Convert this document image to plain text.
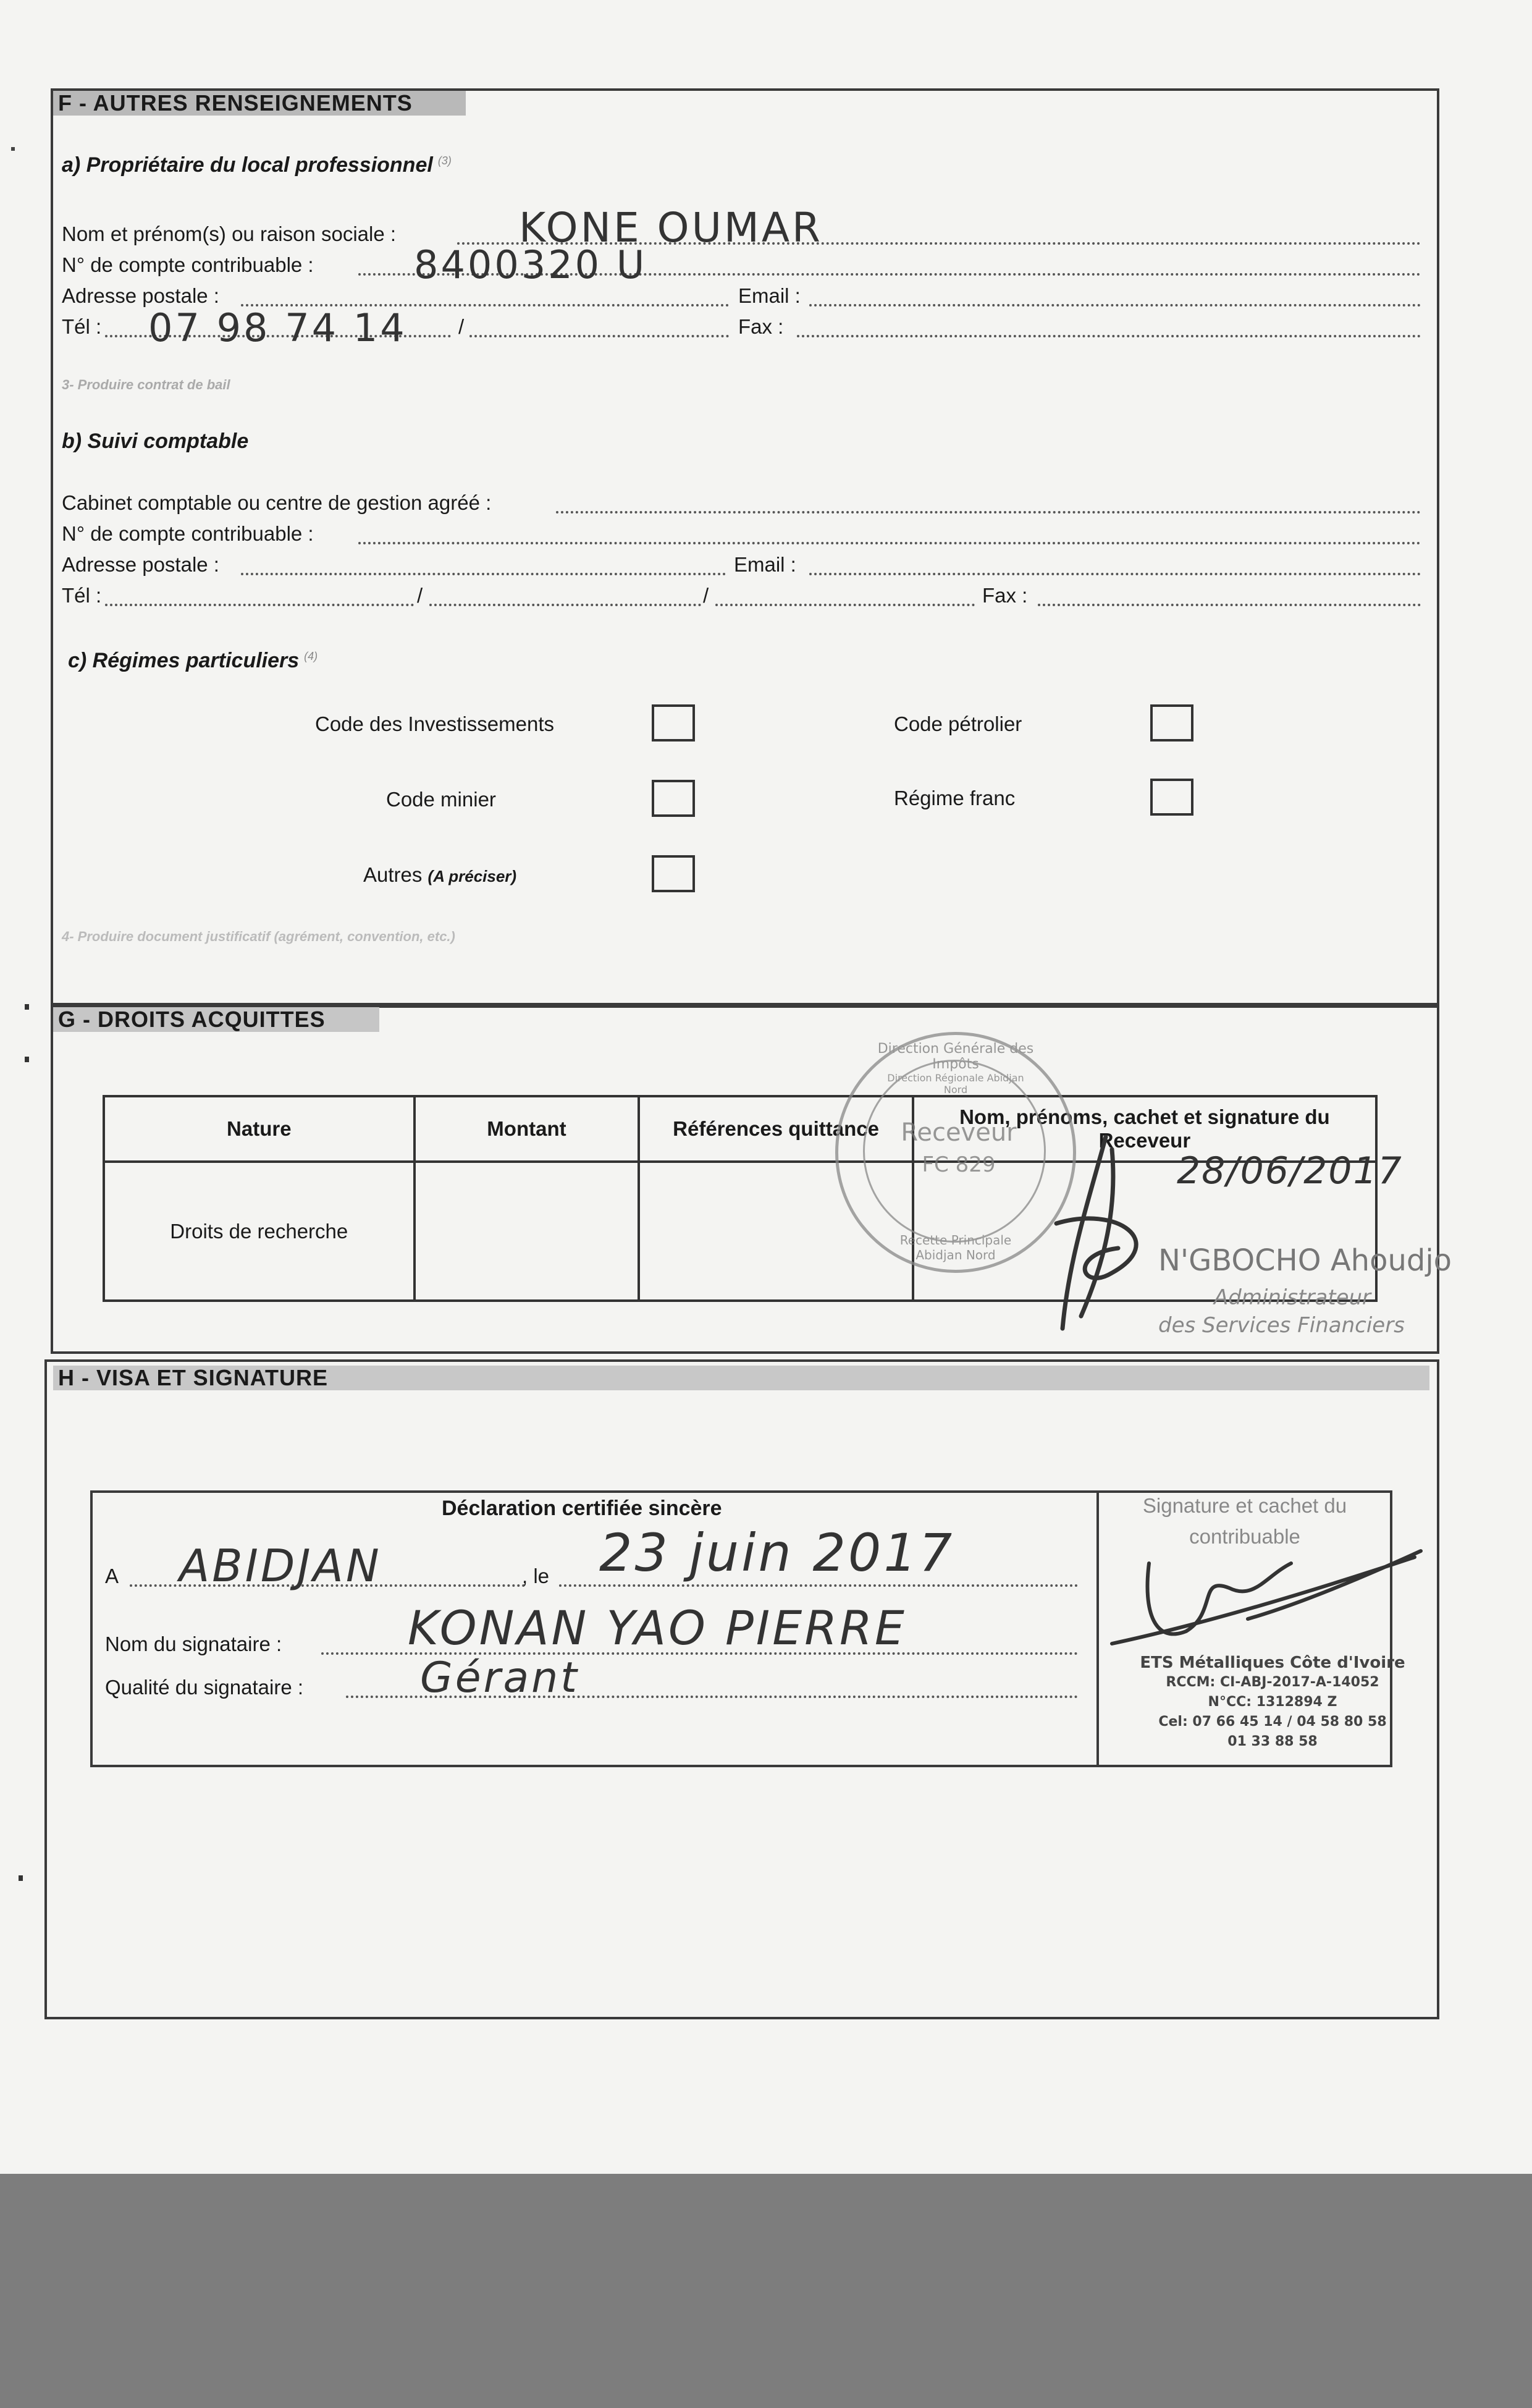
F - AUTRES RENSEIGNEMENTS
a) Propriétaire du local professionnel $^{(3)}$
Nom et prénom(s) ou raison sociale :	KONE OUMAR
N° de compte contribuable :	8400320 U
Adresse postale :	Email :
Tél : 07 98 74 14	/	Fax :
3- Produire contrat de bail
b) Suivi comptable
Cabinet comptable ou centre de gestion agréé :
N° de compte contribuable :
Adresse postale :	Email :
Tél :	/	/	Fax :
c) Régimes particuliers $^{(4)}$
Code des Investissements	Code pétrolier
Code minier	Régime franc
Autres (A préciser)
4- Produire document justificatif (agrément, convention, etc.)
G - DROITS ACQUITTES
Nature	Montant	Références quittance	Nom, prénoms, cachet et signature du Receveur
Droits de recherche			
Direction Générale des Impôts
Direction Régionale Abidjan Nord
Receveur
FC 829
Recette Principale Abidjan Nord
28/06/2017
N'GBOCHO Ahoudjo
Administrateur
des Services Financiers
H - VISA ET SIGNATURE
Déclaration certifiée sincère
A ABIDJAN	, le 23 juin 2017
Nom du signataire :	KONAN YAO PIERRE
Qualité du signataire :	Gérant
Signature et cachet du contribuable
ETS Métalliques Côte d'Ivoire
RCCM: CI-ABJ-2017-A-14052
N°CC: 1312894 Z
Cel: 07 66 45 14 / 04 58 80 58
01 33 88 58
